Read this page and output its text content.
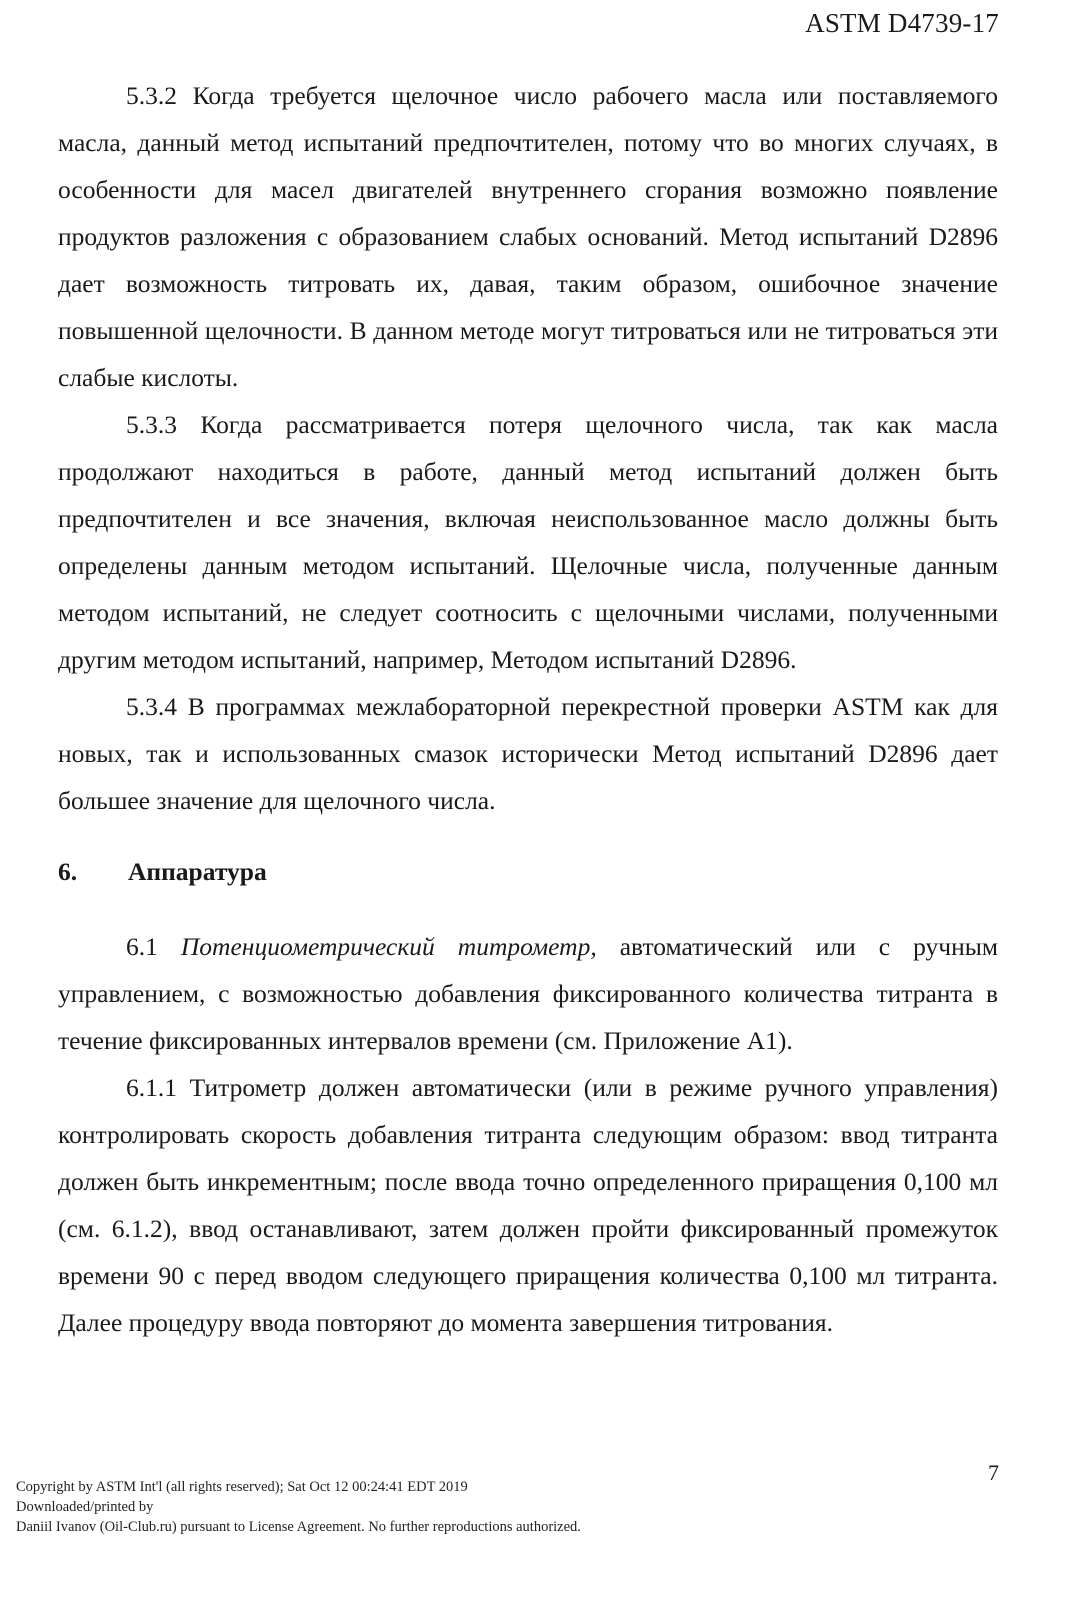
ASTM D4739-17

5.3.2 Когда требуется щелочное число рабочего масла или поставляемого масла, данный метод испытаний предпочтителен, потому что во многих случаях, в особенности для масел двигателей внутреннего сгорания возможно появление продуктов разложения с образованием слабых оснований. Метод испытаний D2896 дает возможность титровать их, давая, таким образом, ошибочное значение повышенной щелочности. В данном методе могут титроваться или не титроваться эти слабые кислоты.

5.3.3 Когда рассматривается потеря щелочного числа, так как масла продолжают находиться в работе, данный метод испытаний должен быть предпочтителен и все значения, включая неиспользованное масло должны быть определены данным методом испытаний. Щелочные числа, полученные данным методом испытаний, не следует соотносить с щелочными числами, полученными другим методом испытаний, например, Методом испытаний D2896.

5.3.4 В программах межлабораторной перекрестной проверки ASTM как для новых, так и использованных смазок исторически Метод испытаний D2896 дает большее значение для щелочного числа.

6.	Аппаратура

6.1 Потенциометрический титрометр, автоматический или с ручным управлением, с возможностью добавления фиксированного количества титранта в течение фиксированных интервалов времени (см. Приложение A1).

6.1.1 Титрометр должен автоматически (или в режиме ручного управления) контролировать скорость добавления титранта следующим образом: ввод титранта должен быть инкрементным; после ввода точно определенного приращения 0,100 мл (см. 6.1.2), ввод останавливают, затем должен пройти фиксированный промежуток времени 90 с перед вводом следующего приращения количества 0,100 мл титранта. Далее процедуру ввода повторяют до момента завершения титрования.

7
Copyright by ASTM Int'l (all rights reserved); Sat Oct 12 00:24:41 EDT 2019
Downloaded/printed by
Daniil Ivanov (Oil-Club.ru) pursuant to License Agreement. No further reproductions authorized.
